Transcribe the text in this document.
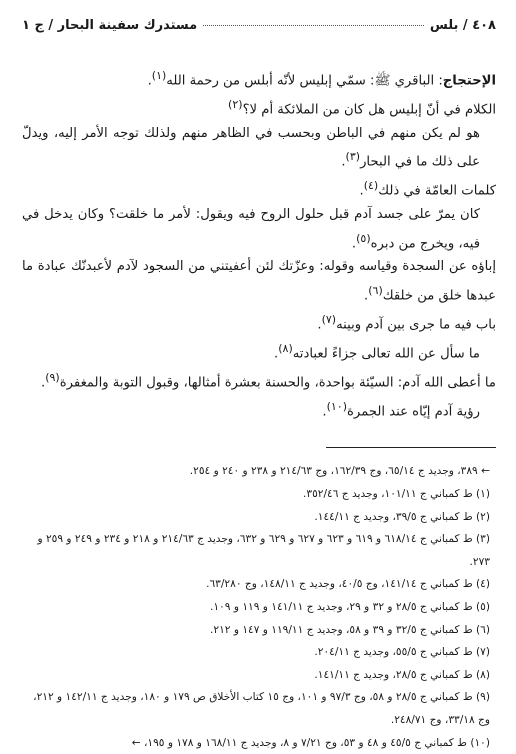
٤٠٨ / بلس
مستدرك سفينة البحار / ج ١

الإحتجاج: الباقري ﷺ: سمّي إبليس لأنّه أبلس من رحمة الله$^{(١)}$.

الكلام في أنّ إبليس هل كان من الملائكة أم لا؟$^{(٢)}$

هو لم يكن منهم في الباطن وبحسب في الظاهر منهم ولذلك توجه الأمر إليه، ويدلّ على ذلك ما في البحار$^{(٣)}$.

كلمات العامّة في ذلك$^{(٤)}$.

كان يمرّ على جسد آدم قبل حلول الروح فيه ويقول: لأمر ما خلقت؟ وكان يدخل في فيه، ويخرج من دبره$^{(٥)}$.

إباؤه عن السجدة وقياسه وقوله: وعزّتك لئن أعفيتني من السجود لآدم لأعبدنّك عبادة ما عبدها خلق من خلقك$^{(٦)}$.

باب فيه ما جرى بين آدم وبينه$^{(٧)}$.

ما سأل عن الله تعالى جزاءً لعبادته$^{(٨)}$.

ما أعطى الله آدم: السيّئة بواحدة، والحسنة بعشرة أمثالها، وقبول التوبة والمغفرة$^{(٩)}$.

رؤية آدم إيّاه عند الجمرة$^{(١٠)}$.

← ٣٨٩، وجديد ج ٦٥/١٤، وج ١٦٢/٣٩، وج ٢١٤/٦٣ و ٢٣٨ و ٢٤٠ و ٢٥٤.

(١) ط كمباني ج ١٠١/١١، وجديد ج ٣٥٢/٤٦.

(٢) ط كمباني ج ٣٩/٥، وجديد ج ١٤٤/١١.

(٣) ط كمباني ج ٦١٨/١٤ و ٦١٩ و ٦٢٣ و ٦٢٧ و ٦٢٩ و ٦٣٢، وجديد ج ٢١٤/٦٣ و ٢١٨ و ٢٣٤ و ٢٤٩ و ٢٥٩ و ٢٧٣.

(٤) ط كمباني ج ١٤١/١٤، وج ٤٠/٥، وجديد ج ١٤٨/١١، وج ٦٣/٢٨٠.

(٥) ط كمباني ج ٢٨/٥ و ٣٢ و ٢٩، وجديد ج ١٤١/١١ و ١١٩ و ١٠٩.

(٦) ط كمباني ج ٣٢/٥ و ٣٩ و ٥٨، وجديد ج ١١٩/١١ و ١٤٧ و ٢١٢.

(٧) ط كمباني ج ٥٥/٥، وجديد ج ٢٠٤/١١.

(٨) ط كمباني ج ٢٨/٥، وجديد ج ١٤١/١١.

(٩) ط كمباني ج ٢٨/٥ و ٥٨، وج ٩٧/٣ و ١٠١، وج ١٥ كتاب الأخلاق ص ١٧٩ و ١٨٠، وجديد ج ١٤٢/١١ و ٢١٢، وج ٣٣/١٨، وج ٢٤٨/٧١.

(١٠) ط كمباني ج ٤٥/٥ و ٤٨ و ٥٣، وج ٧/٢١ و ٨، وجديد ج ١٦٨/١١ و ١٧٨ و ١٩٥، ←
